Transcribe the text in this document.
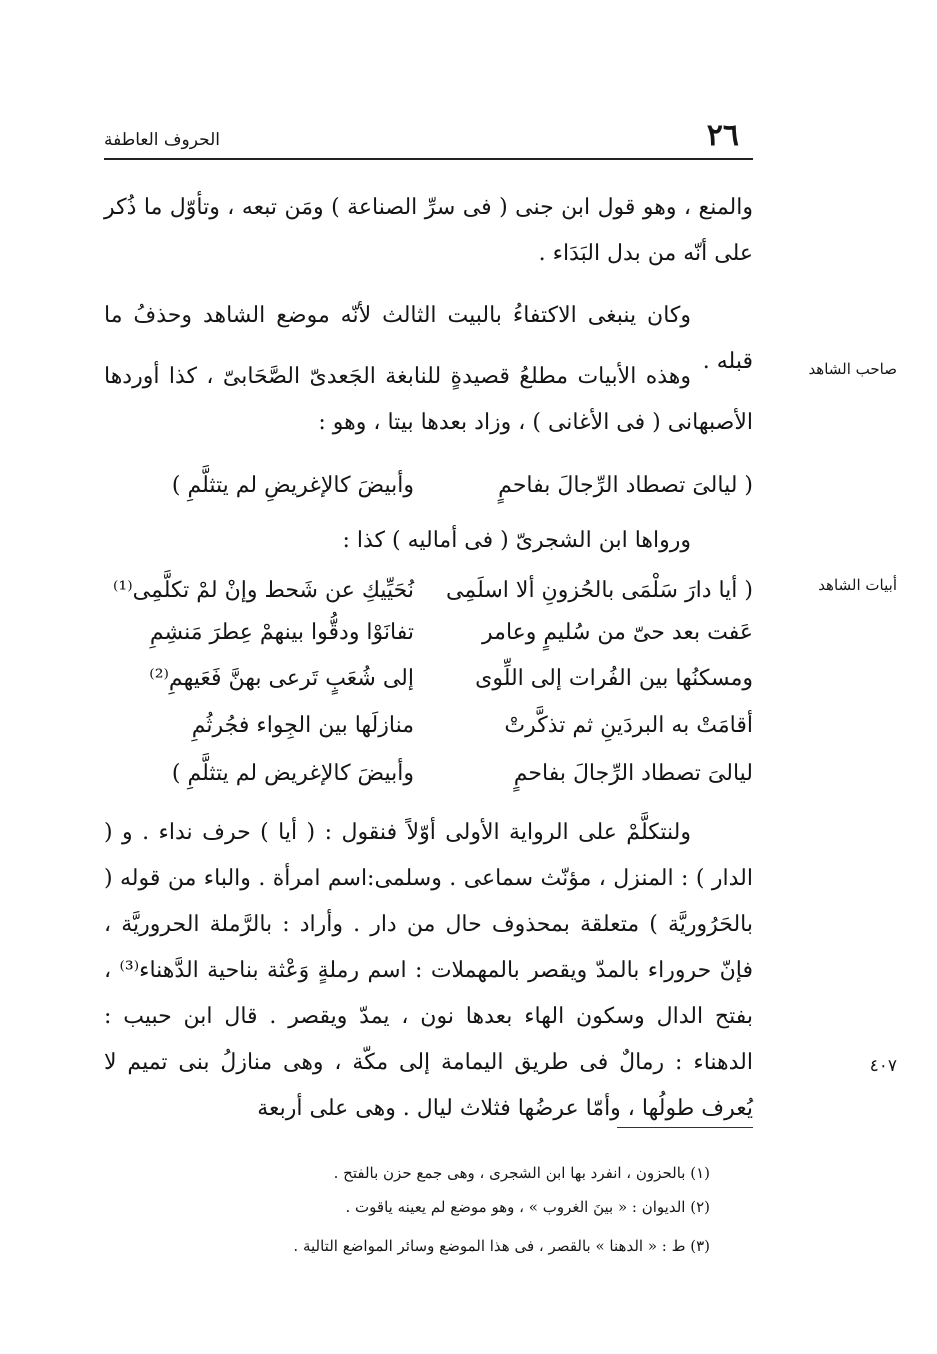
٢٦
الحروف العاطفة
صاحب الشاهد
أبيات الشاهد
٤٠٧

والمنع ، وهو قول ابن جنى ( فى سرِّ الصناعة ) ومَن تبعه ، وتأوّل ما ذُكر على أنّه من بدل البَدَاء .

وكان ينبغى الاكتفاءُ بالبيت الثالث لأنّه موضع الشاهد وحذفُ ما قبله .

وهذه الأبيات مطلعُ قصيدةٍ للنابغة الجَعدىّ الصَّحَابىّ ، كذا أوردها الأصبهانى ( فى الأغانى ) ، وزاد بعدها بيتا ، وهو :

( ليالىَ تصطاد الرِّجالَ بفاحمٍ
وأبيضَ كالإغريضِ لم يتثلَّمِ )

ورواها ابن الشجرىّ ( فى أماليه ) كذا :

( أيا دارَ سَلْمَى بالحُزونِ ألا اسلَمِى
نُحَيِّيكِ عن شَحط وإنْ لمْ تكلَّمِى⁽¹⁾
عَفت بعد حىّ من سُليمٍ وعامر
تفانَوْا ودقُّوا بينهمْ عِطرَ مَنشِمِ
ومسكنُها بين الفُرات إلى اللِّوى
إلى شُعَبٍ تَرعى بهنَّ فَعَيهمِ⁽²⁾
أقامَتْ به البردَينِ ثم تذكَّرتْ
منازلَها بين الجِواء فجُرثُمِ
ليالىَ تصطاد الرِّجالَ بفاحمٍ
وأبيضَ كالإغريض لم يتثلَّمِ )

ولنتكلَّمْ على الرواية الأولى أوّلاً فنقول : ( أيا ) حرف نداء . و ( الدار ) : المنزل ، مؤنّث سماعى . وسلمى:اسم امرأة . والباء من قوله ( بالحَرُوريَّة ) متعلقة بمحذوف حال من دار . وأراد : بالرَّملة الحروريَّة ، فإنّ حروراء بالمدّ ويقصر بالمهملات : اسم رملةٍ وَعْثة بناحية الدَّهناء⁽³⁾ ، بفتح الدال وسكون الهاء بعدها نون ، يمدّ ويقصر . قال ابن حبيب : الدهناء : رمالٌ فى طريق اليمامة إلى مكّة ، وهى منازلُ بنى تميم لا يُعرف طولُها ، وأمّا عرضُها فثلاث ليال . وهى على أربعة

(١) بالحزون ، انفرد بها ابن الشجرى ، وهى جمع حزن بالفتح .
(٢) الديوان : « بينَ الغروب » ، وهو موضع لم يعينه ياقوت .
(٣) ط : « الدهنا » بالقصر ، فى هذا الموضع وسائر المواضع التالية .
